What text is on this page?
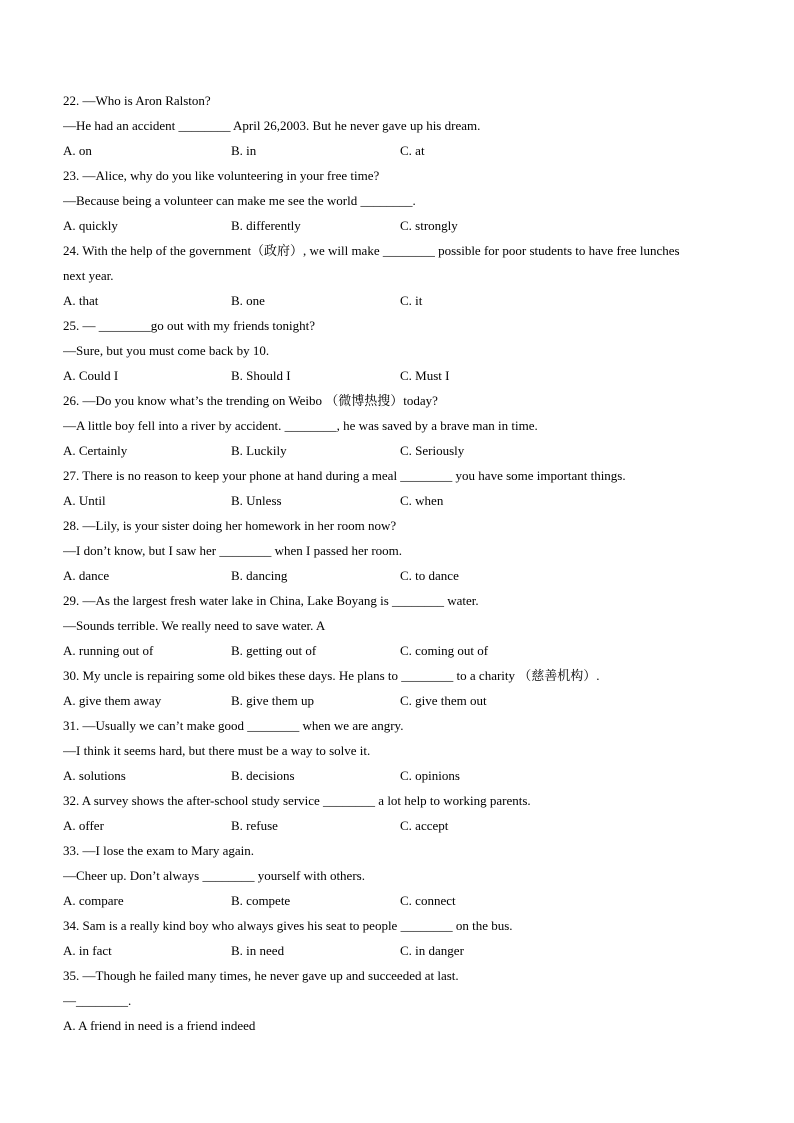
22. —Who is Aron Ralston?
—He had an accident ________ April 26,2003. But he never gave up his dream.
A. on	B. in	C. at
23. —Alice, why do you like volunteering in your free time?
—Because being a volunteer can make me see the world ________.
A. quickly	B. differently	C. strongly
24. With the help of the government（政府）, we will make ________ possible for poor students to have free lunches
next year.
A. that	B. one	C. it
25. — ________go out with my friends tonight?
—Sure, but you must come back by 10.
A. Could I	B. Should I	C. Must I
26. —Do you know what’s the trending on Weibo （微博热搜）today?
—A little boy fell into a river by accident. ________, he was saved by a brave man in time.
A. Certainly	B. Luckily	C. Seriously
27. There is no reason to keep your phone at hand during a meal ________ you have some important things.
A. Until	B. Unless	C. when
28. —Lily, is your sister doing her homework in her room now?
—I don’t know, but I saw her ________ when I passed her room.
A. dance	B. dancing	C. to dance
29. —As the largest fresh water lake in China, Lake Boyang is ________ water.
—Sounds terrible. We really need to save water. A
A. running out of	B. getting out of	C. coming out of
30. My uncle is repairing some old bikes these days. He plans to ________ to a charity （慈善机构）.
A. give them away	B. give them up	C. give them out
31. —Usually we can’t make good ________ when we are angry.
—I think it seems hard, but there must be a way to solve it.
A. solutions	B. decisions	C. opinions
32. A survey shows the after-school study service ________ a lot help to working parents.
A. offer	B. refuse	C. accept
33. —I lose the exam to Mary again.
—Cheer up. Don’t always ________ yourself with others.
A. compare	B. compete	C. connect
34. Sam is a really kind boy who always gives his seat to people ________ on the bus.
A. in fact	B. in need	C. in danger
35. —Though he failed many times, he never gave up and succeeded at last.
—________.
A. A friend in need is a friend indeed
